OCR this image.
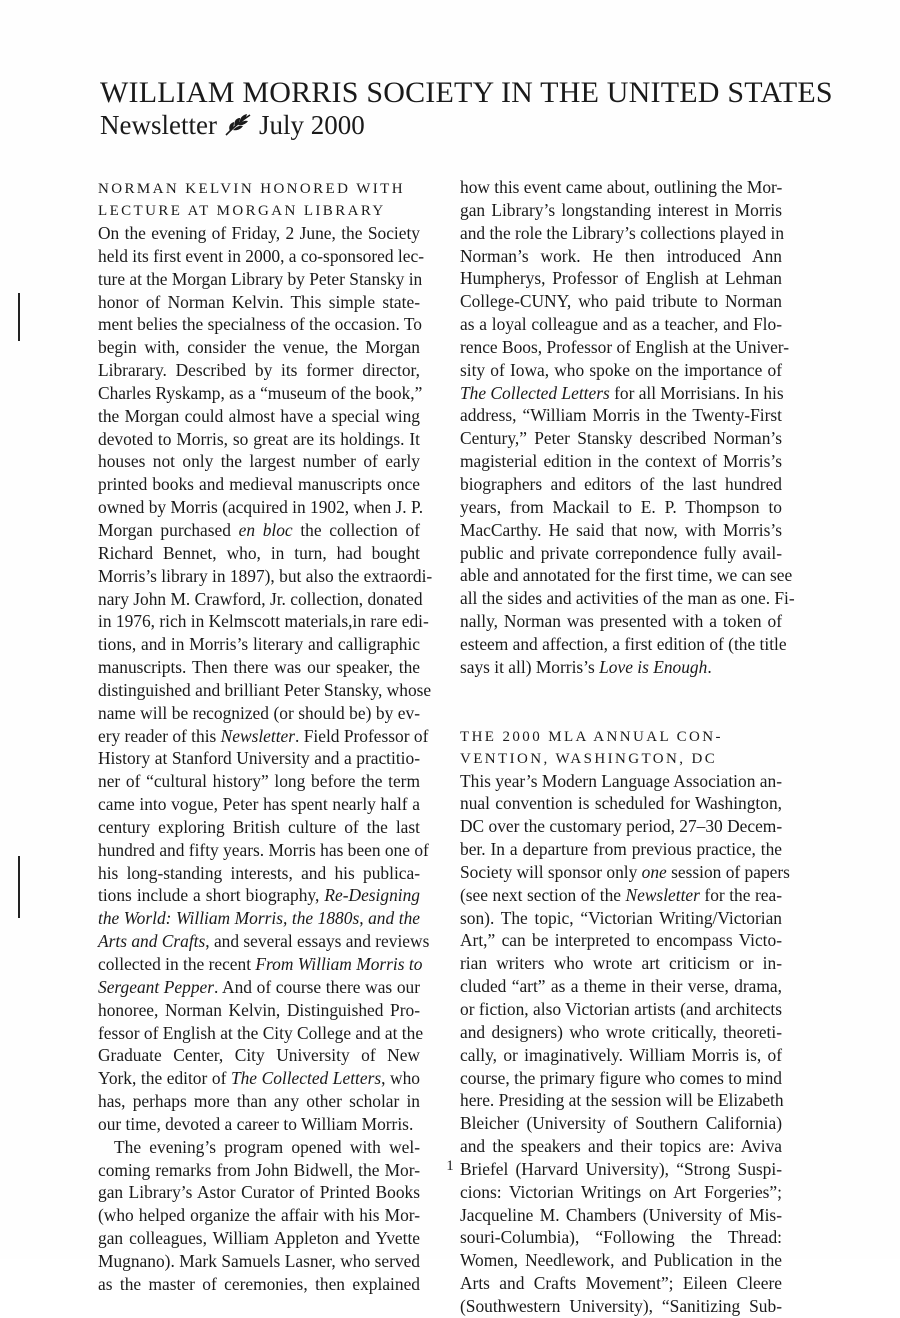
WILLIAM MORRIS SOCIETY IN THE UNITED STATES
Newsletter July 2000
NORMAN KELVIN HONORED WITH
LECTURE AT MORGAN LIBRARY
On the evening of Friday, 2 June, the Society
held its first event in 2000, a co-sponsored lec-
ture at the Morgan Library by Peter Stansky in
honor of Norman Kelvin. This simple state-
ment belies the specialness of the occasion. To
begin with, consider the venue, the Morgan
Librarary. Described by its former director,
Charles Ryskamp, as a “museum of the book,”
the Morgan could almost have a special wing
devoted to Morris, so great are its holdings. It
houses not only the largest number of early
printed books and medieval manuscripts once
owned by Morris (acquired in 1902, when J. P.
Morgan purchased en bloc the collection of
Richard Bennet, who, in turn, had bought
Morris’s library in 1897), but also the extraordi-
nary John M. Crawford, Jr. collection, donated
in 1976, rich in Kelmscott materials,in rare edi-
tions, and in Morris’s literary and calligraphic
manuscripts. Then there was our speaker, the
distinguished and brilliant Peter Stansky, whose
name will be recognized (or should be) by ev-
ery reader of this Newsletter. Field Professor of
History at Stanford University and a practitio-
ner of “cultural history” long before the term
came into vogue, Peter has spent nearly half a
century exploring British culture of the last
hundred and fifty years. Morris has been one of
his long-standing interests, and his publica-
tions include a short biography, Re-Designing
the World: William Morris, the 1880s, and the
Arts and Crafts, and several essays and reviews
collected in the recent From William Morris to
Sergeant Pepper. And of course there was our
honoree, Norman Kelvin, Distinguished Pro-
fessor of English at the City College and at the
Graduate Center, City University of New
York, the editor of The Collected Letters, who
has, perhaps more than any other scholar in
our time, devoted a career to William Morris.
The evening’s program opened with wel-
coming remarks from John Bidwell, the Mor-
gan Library’s Astor Curator of Printed Books
(who helped organize the affair with his Mor-
gan colleagues, William Appleton and Yvette
Mugnano). Mark Samuels Lasner, who served
as the master of ceremonies, then explained
how this event came about, outlining the Mor-
gan Library’s longstanding interest in Morris
and the role the Library’s collections played in
Norman’s work. He then introduced Ann
Humpherys, Professor of English at Lehman
College-CUNY, who paid tribute to Norman
as a loyal colleague and as a teacher, and Flo-
rence Boos, Professor of English at the Univer-
sity of Iowa, who spoke on the importance of
The Collected Letters for all Morrisians. In his
address, “William Morris in the Twenty-First
Century,” Peter Stansky described Norman’s
magisterial edition in the context of Morris’s
biographers and editors of the last hundred
years, from Mackail to E. P. Thompson to
MacCarthy. He said that now, with Morris’s
public and private correpondence fully avail-
able and annotated for the first time, we can see
all the sides and activities of the man as one. Fi-
nally, Norman was presented with a token of
esteem and affection, a first edition of (the title
says it all) Morris’s Love is Enough.
THE 2000 MLA ANNUAL CON-
VENTION, WASHINGTON, DC
This year’s Modern Language Association an-
nual convention is scheduled for Washington,
DC over the customary period, 27–30 Decem-
ber. In a departure from previous practice, the
Society will sponsor only one session of papers
(see next section of the Newsletter for the rea-
son). The topic, “Victorian Writing/Victorian
Art,” can be interpreted to encompass Victo-
rian writers who wrote art criticism or in-
cluded “art” as a theme in their verse, drama,
or fiction, also Victorian artists (and architects
and designers) who wrote critically, theoreti-
cally, or imaginatively. William Morris is, of
course, the primary figure who comes to mind
here. Presiding at the session will be Elizabeth
Bleicher (University of Southern California)
and the speakers and their topics are: Aviva
Briefel (Harvard University), “Strong Suspi-
cions: Victorian Writings on Art Forgeries”;
Jacqueline M. Chambers (University of Mis-
souri-Columbia), “Following the Thread:
Women, Needlework, and Publication in the
Arts and Crafts Movement”; Eileen Cleere
(Southwestern University), “Sanitizing Sub-
1
